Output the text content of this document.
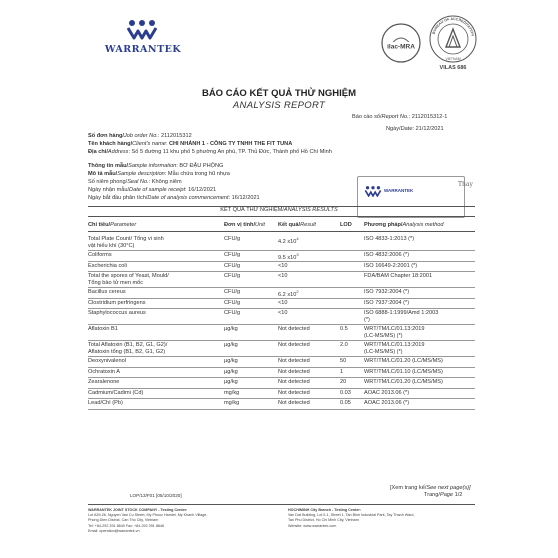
WARRANTEK	ilac-MRA
BUREAU OF ACCREDITATION
VIETNAM
VILAS 686
BÁO CÁO KẾT QUẢ THỬ NGHIỆM
ANALYSIS REPORT
Báo cáo số/Report No.: 2112015312-1
Ngày/Date: 21/12/2021
Số đơn hàng/Job order No.: 2112015312
Tên khách hàng/Client's name: CHI NHÁNH 1 - CÔNG TY TNHH THE FIT TUNA
Địa chỉ/Address: Số 5 đường 11 khu phố 5 phường An phú, TP. Thủ Đức, Thành phố Hồ Chí Minh
Thông tin mẫu/Sample information: BƠ ĐẬU PHỘNG
Mô tả mẫu/Sample description: Mẫu chứa trong hũ nhựa
Số niêm phong/Seal No.: Không niêm
Ngày nhận mẫu/Date of sample receipt: 16/12/2021
Ngày bắt đầu phân tích/Date of analysis commencement: 16/12/2021
WARRANTEK
Thay
KẾT QUẢ THỬ NGHIỆM/ANALYSIS RESULTS
Chỉ tiêu/Parameter	Đơn vị tính/Unit Kết quả/Result	LOD Phương pháp/Analysis method
Total Plate Count/ Tổng vi sinh
vật hiếu khí (30°C)
CFU/g	4.2 $x10^4$	ISO 4833-1:2013 (*)
Coliforms	CFU/g	9.5 $x10^3$	ISO 4832:2006 (*)
Escherichia coli	CFU/g	<10	ISO 16649-2:2001 (*)
Total the spores of Yeast, Mould/
Tổng bào tử men mốc
CFU/g	<10	FDA/BAM Chapter 18:2001
Bacillus cereus	CFU/g	6.2 $x10^2$	ISO 7932:2004 (*)
Clostridium perfringens	CFU/g	<10	ISO 7937:2004 (*)
Staphylococcus aureus	CFU/g	<10	ISO 6888-1:1999/Amd 1:2003
(*)
Aflatoxin B1	µg/kg	Not detected	0.5	WRT/TM/LC/01.13:2019
(LC-MS/MS) (*)
Total Aflatoxin (B1, B2, G1, G2)/
Aflatoxin tổng (B1, B2, G1, G2)
µg/kg	Not detected	2.0	WRT/TM/LC/01.13:2019
(LC-MS/MS) (*)
Deoxynivalenol	µg/kg	Not detected	50	WRT/TM/LC/01.20 (LC/MS/MS)
Ochratoxin A	µg/kg	Not detected	1	WRT/TM/LC/01.10 (LC/MS/MS)
Zearalenone	µg/kg	Not detected	20	WRT/TM/LC/01.20 (LC/MS/MS)
Cadmium/Cadimi (Cd)	mg/kg	Not detected	0.03 AOAC 2013.06 (*)
Lead/Chì (Pb)	mg/kg	Not detected	0.05 AOAC 2013.06 (*)
[Xem trang kế/See next page(s)]
Trang/Page 1/2
LOP/13/F01 [05/10/2020]
WARRANTEK JOINT STOCK COMPANY - Testing Center:
Lot A39-26, Nguyen Van Cu Street, My Phuoc Hamlet, My Khanh Village,
Phong Dien District, Can Tho City, Vietnam
Tel: +84-292 391 8840 Fax: +84-292 391 8846
Email: operation@warrantek.vn
HOCHIMINH City Branch - Testing Center:
Van Dat Building, Lot II-1, Street 1, Tan Binh Industrial Park, Tay Thanh Ward,
Tan Phu District, Ho Chi Minh City, Vietnam
Website: www.warrantek.com
